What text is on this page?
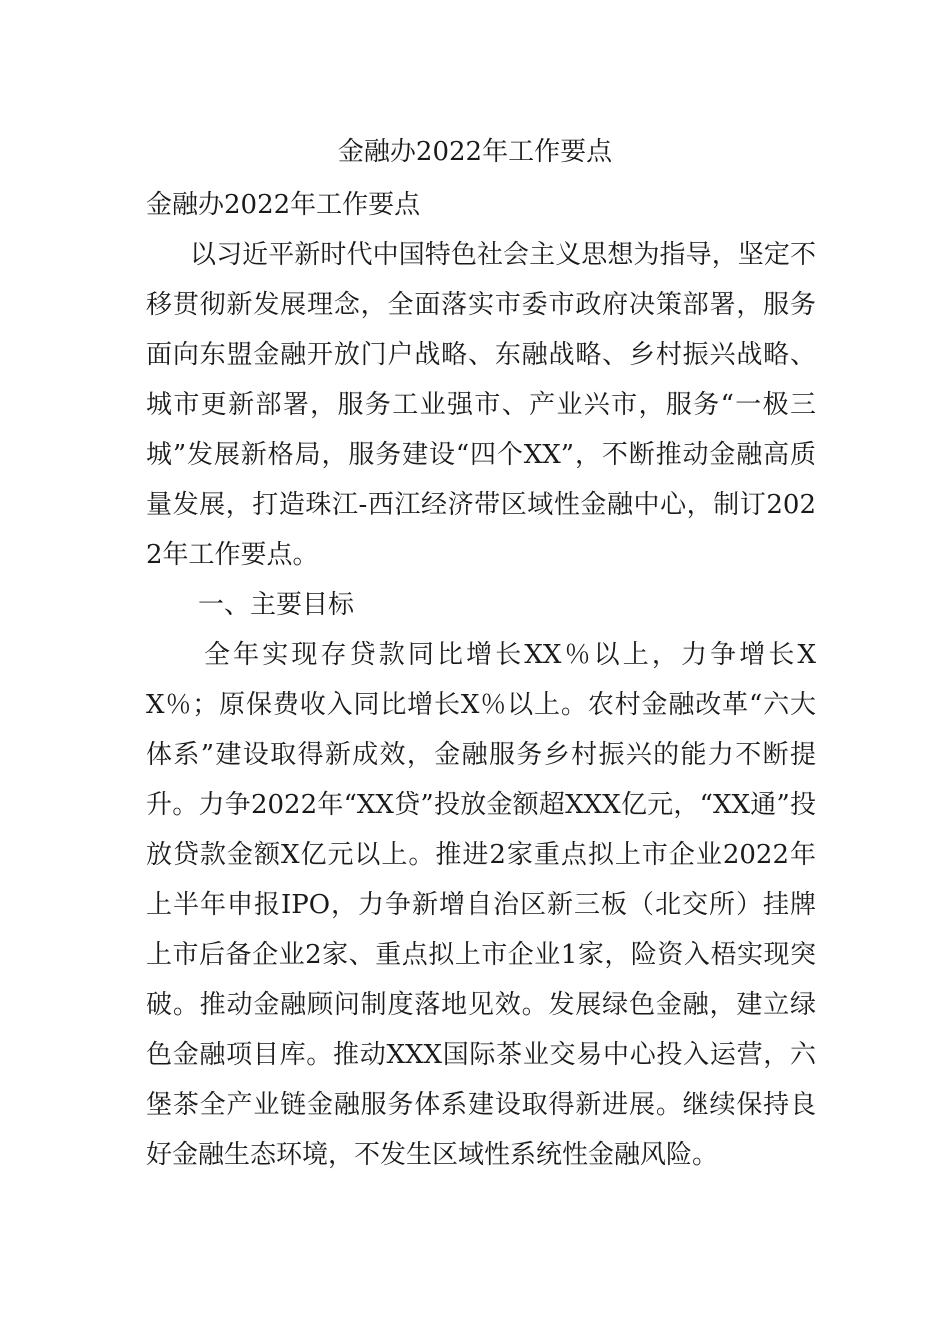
金融办2022年工作要点

金融办2022年工作要点

以习近平新时代中国特色社会主义思想为指导，坚定不移贯彻新发展理念，全面落实市委市政府决策部署，服务面向东盟金融开放门户战略、东融战略、乡村振兴战略、城市更新部署，服务工业强市、产业兴市，服务“一极三城”发展新格局，服务建设“四个XX”，不断推动金融高质量发展，打造珠江-西江经济带区域性金融中心，制订2022年工作要点。

一、主要目标

全年实现存贷款同比增长XX％以上，力争增长XX％；原保费收入同比增长X％以上。农村金融改革“六大体系”建设取得新成效，金融服务乡村振兴的能力不断提升。力争2022年“XX贷”投放金额超XXX亿元，“XX通”投放贷款金额X亿元以上。推进2家重点拟上市企业2022年上半年申报IPO，力争新增自治区新三板（北交所）挂牌上市后备企业2家、重点拟上市企业1家，险资入梧实现突破。推动金融顾问制度落地见效。发展绿色金融，建立绿色金融项目库。推动XXX国际茶业交易中心投入运营，六堡茶全产业链金融服务体系建设取得新进展。继续保持良好金融生态环境，不发生区域性系统性金融风险。
